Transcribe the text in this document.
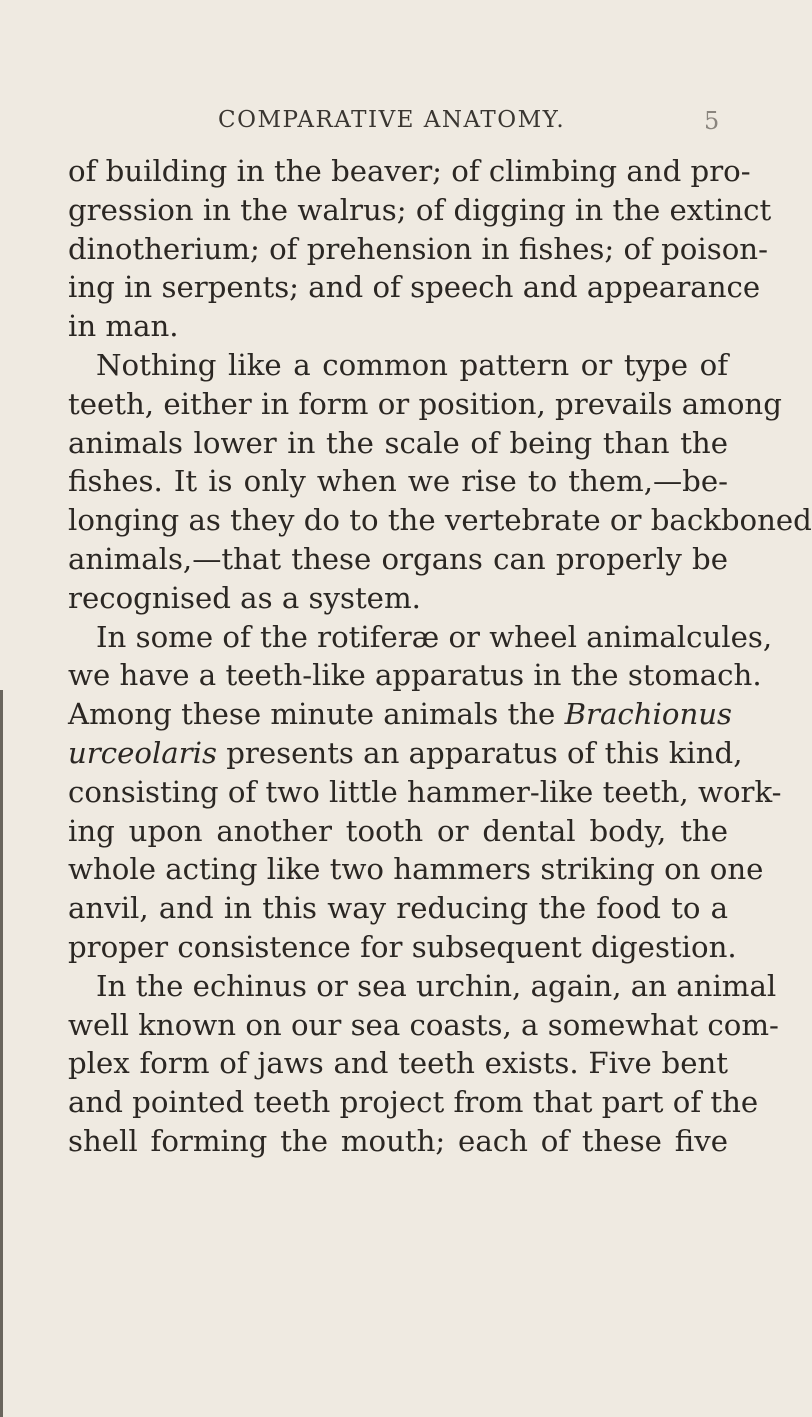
COMPARATIVE ANATOMY.	5
of building in the beaver; of climbing and pro-
gression in the walrus; of digging in the extinct
dinotherium; of prehension in fishes; of poison-
ing in serpents; and of speech and appearance
in man.
Nothing like a common pattern or type of
teeth, either in form or position, prevails among
animals lower in the scale of being than the
fishes. It is only when we rise to them,—be-
longing as they do to the vertebrate or backboned
animals,—that these organs can properly be
recognised as a system.
In some of the rotiferæ or wheel animalcules,
we have a teeth-like apparatus in the stomach.
Among these minute animals the Brachionus
urceolaris presents an apparatus of this kind,
consisting of two little hammer-like teeth, work-
ing upon another tooth or dental body, the
whole acting like two hammers striking on one
anvil, and in this way reducing the food to a
proper consistence for subsequent digestion.
In the echinus or sea urchin, again, an animal
well known on our sea coasts, a somewhat com-
plex form of jaws and teeth exists. Five bent
and pointed teeth project from that part of the
shell forming the mouth; each of these five
